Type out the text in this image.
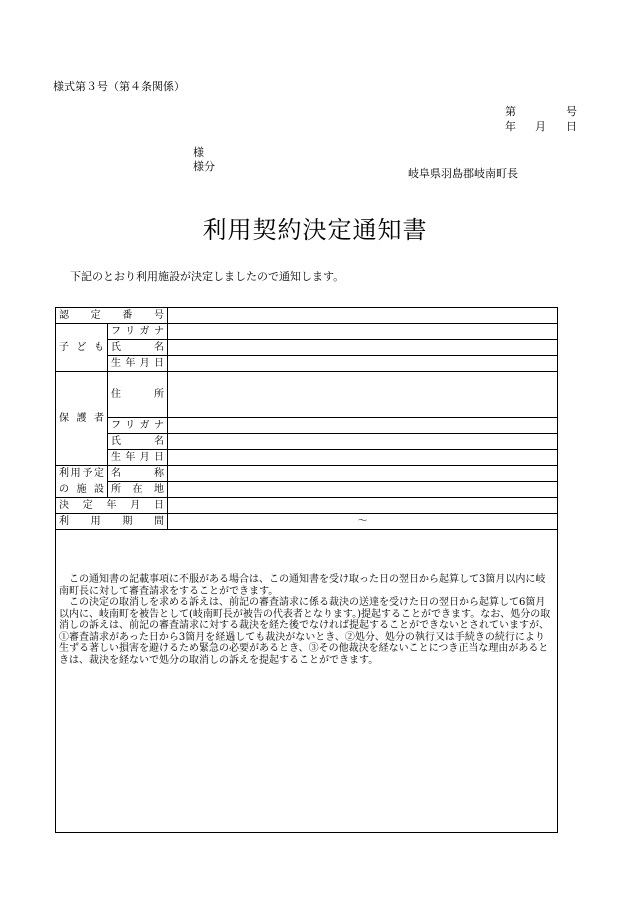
様式第３号（第４条関係）
第	号
年 月 日
様
様分
岐阜県羽島郡岐南町長
利用契約決定通知書
下記のとおり利用施設が決定しましたので通知します。
認定番号		
子ども	フリガナ	
	氏名	
	生年月日	
保護者	住所	
	フリガナ	
	氏名	
	生年月日	
利用予定	名称	
の施設	所在地	
決定年月日		
利用期間		～

この通知書の記載事項に不服がある場合は、この通知書を受け取った日の翌日から起算して3箇月以内に岐南町長に対して審査請求をすることができます。

この決定の取消しを求める訴えは、前記の審査請求に係る裁決の送達を受けた日の翌日から起算して6箇月以内に、岐南町を被告として(岐南町長が被告の代表者となります。)提起することができます。なお、処分の取消しの訴えは、前記の審査請求に対する裁決を経た後でなければ提起することができないとされていますが、①審査請求があった日から3箇月を経過しても裁決がないとき、②処分、処分の執行又は手続きの続行により生ずる著しい損害を避けるため緊急の必要があるとき、③その他裁決を経ないことにつき正当な理由があるときは、裁決を経ないで処分の取消しの訴えを提起することができます。
